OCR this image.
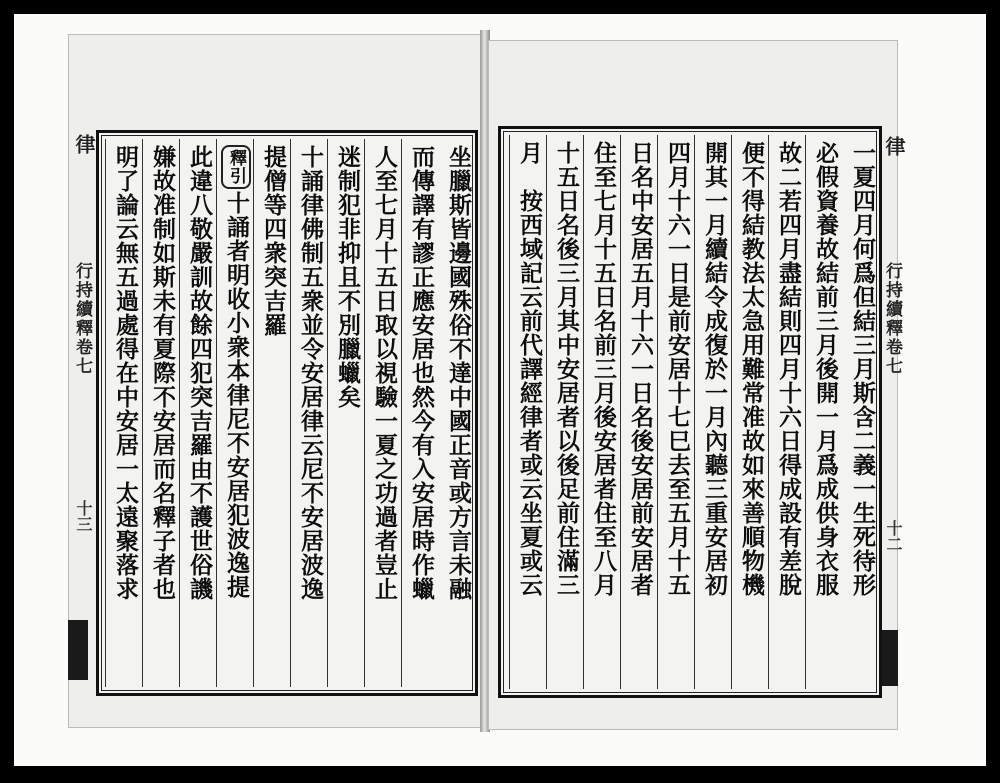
律
行持續釋卷七
十三
律
行持續釋卷七
十二
坐臘斯皆邊國殊俗不達中國正音或方言未融
而傳譯有謬正應安居也然今有入安居時作蠟
人至七月十五日取以視驗一夏之功過者豈止
迷制犯非抑且不別臘蠟矣
十誦律佛制五衆並令安居律云尼不安居波逸
提僧等四衆突吉羅
釋引十誦者明收小衆本律尼不安居犯波逸提
此違八敬嚴訓故餘四犯突吉羅由不護世俗譏
嫌故准制如斯未有夏際不安居而名釋子者也
明了論云無五過處得在中安居一太遠聚落求	一夏四月何爲但結三月斯含二義一生死待形
必假資養故結前三月後開一月爲成供身衣服
故二若四月盡結則四月十六日得成設有差脫
便不得結教法太急用難常准故如來善順物機
開其一月續結令成復於一月內聽三重安居初
四月十六一日是前安居十七巳去至五月十五
日名中安居五月十六一日名後安居前安居者
住至七月十五日名前三月後安居者住至八月
十五日名後三月其中安居者以後足前住滿三
月　按西域記云前代譯經律者或云坐夏或云
